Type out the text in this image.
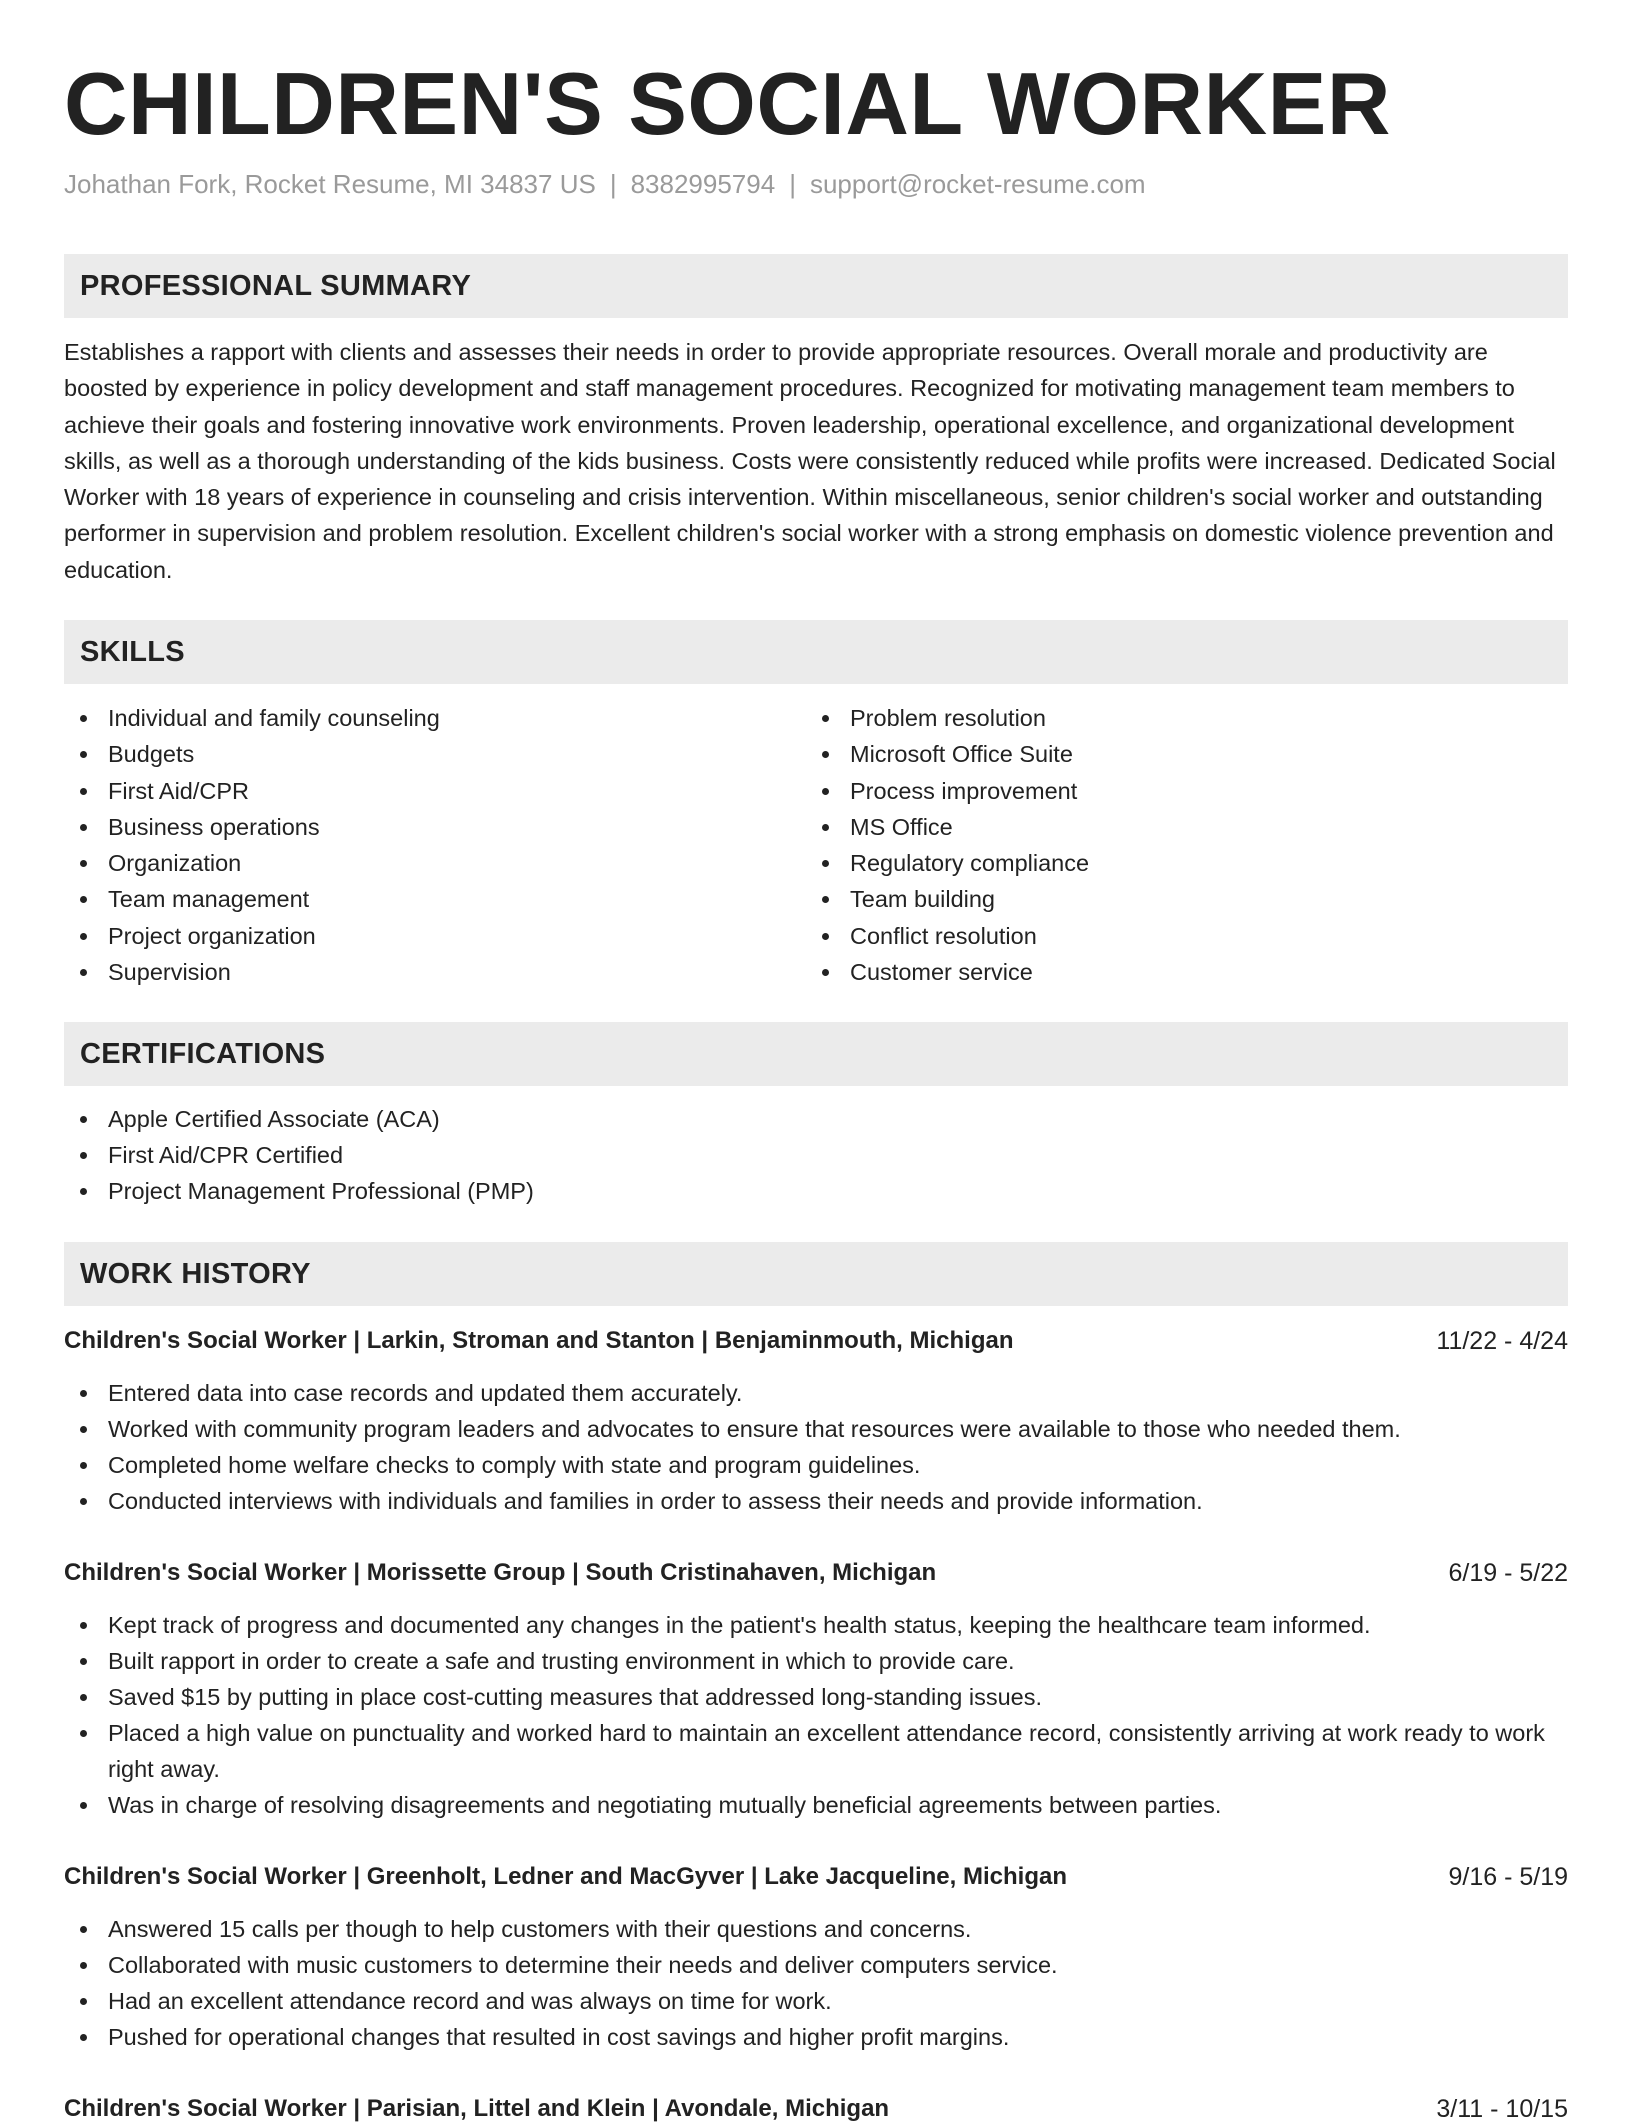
CHILDREN'S SOCIAL WORKER
Johathan Fork, Rocket Resume, MI 34837 US | 8382995794 | support@rocket-resume.com
PROFESSIONAL SUMMARY

Establishes a rapport with clients and assesses their needs in order to provide appropriate resources. Overall morale and productivity are boosted by experience in policy development and staff management procedures. Recognized for motivating management team members to achieve their goals and fostering innovative work environments. Proven leadership, operational excellence, and organizational development skills, as well as a thorough understanding of the kids business. Costs were consistently reduced while profits were increased. Dedicated Social Worker with 18 years of experience in counseling and crisis intervention. Within miscellaneous, senior children's social worker and outstanding performer in supervision and problem resolution. Excellent children's social worker with a strong emphasis on domestic violence prevention and education.

SKILLS
Individual and family counseling
Budgets
First Aid/CPR
Business operations
Organization
Team management
Project organization
Supervision
Problem resolution
Microsoft Office Suite
Process improvement
MS Office
Regulatory compliance
Team building
Conflict resolution
Customer service
CERTIFICATIONS
Apple Certified Associate (ACA)
First Aid/CPR Certified
Project Management Professional (PMP)
WORK HISTORY
Children's Social Worker | Larkin, Stroman and Stanton | Benjaminmouth, Michigan	11/22 - 4/24
Entered data into case records and updated them accurately.
Worked with community program leaders and advocates to ensure that resources were available to those who needed them.
Completed home welfare checks to comply with state and program guidelines.
Conducted interviews with individuals and families in order to assess their needs and provide information.
Children's Social Worker | Morissette Group | South Cristinahaven, Michigan	6/19 - 5/22
Kept track of progress and documented any changes in the patient's health status, keeping the healthcare team informed.
Built rapport in order to create a safe and trusting environment in which to provide care.
Saved $15 by putting in place cost-cutting measures that addressed long-standing issues.
Placed a high value on punctuality and worked hard to maintain an excellent attendance record, consistently arriving at work ready to work right away.
Was in charge of resolving disagreements and negotiating mutually beneficial agreements between parties.
Children's Social Worker | Greenholt, Ledner and MacGyver | Lake Jacqueline, Michigan	9/16 - 5/19
Answered 15 calls per though to help customers with their questions and concerns.
Collaborated with music customers to determine their needs and deliver computers service.
Had an excellent attendance record and was always on time for work.
Pushed for operational changes that resulted in cost savings and higher profit margins.
Children's Social Worker | Parisian, Littel and Klein | Avondale, Michigan	3/11 - 10/15
